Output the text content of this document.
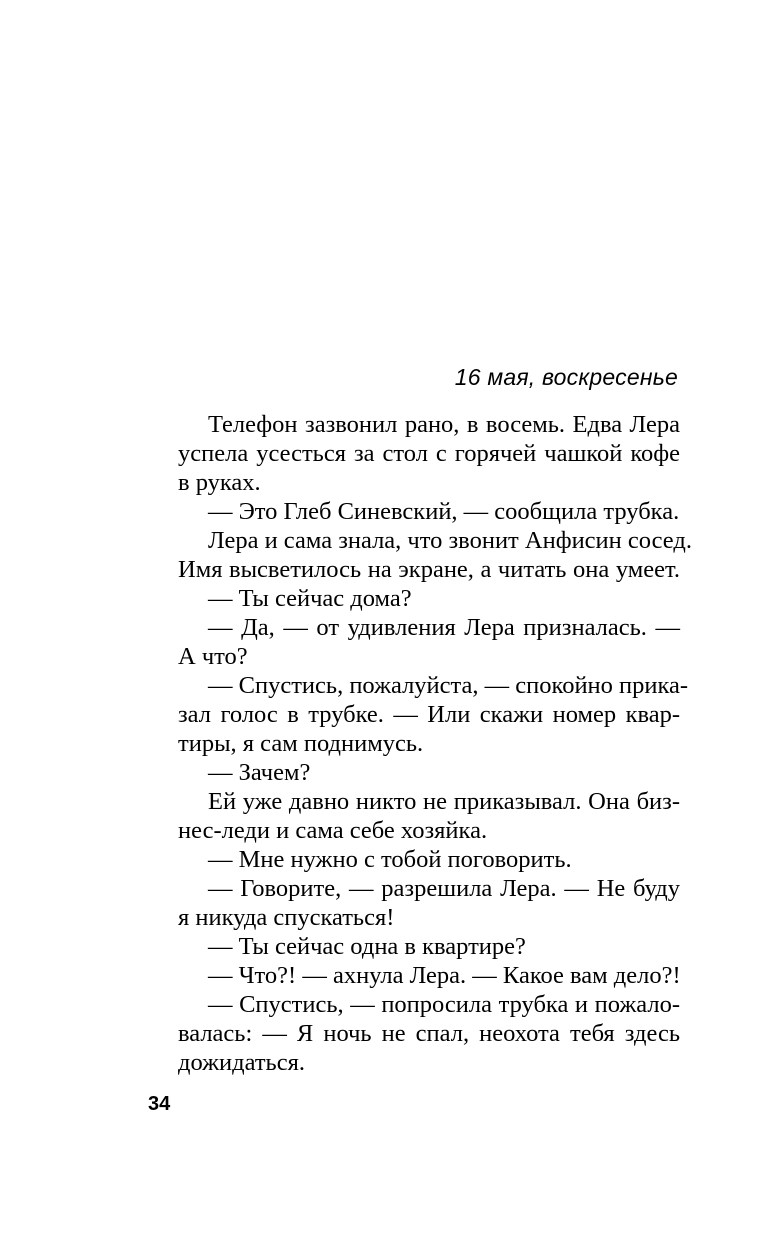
16 мая, воскресенье

Телефон зазвонил рано, в восемь. Едва Лера
успела усесться за стол с горячей чашкой кофе
в руках.

— Это Глеб Синевский, — сообщила трубка.

Лера и сама знала, что звонит Анфисин сосед.
Имя высветилось на экране, а читать она умеет.

— Ты сейчас дома?

— Да, — от удивления Лера призналась. —
А что?

— Спустись, пожалуйста, — спокойно прика-
зал голос в трубке. — Или скажи номер квар-
тиры, я сам поднимусь.

— Зачем?

Ей уже давно никто не приказывал. Она биз-
нес-леди и сама себе хозяйка.

— Мне нужно с тобой поговорить.

— Говорите, — разрешила Лера. — Не буду
я никуда спускаться!

— Ты сейчас одна в квартире?

— Что?! — ахнула Лера. — Какое вам дело?!

— Спустись, — попросила трубка и пожало-
валась: — Я ночь не спал, неохота тебя здесь
дожидаться.

34
